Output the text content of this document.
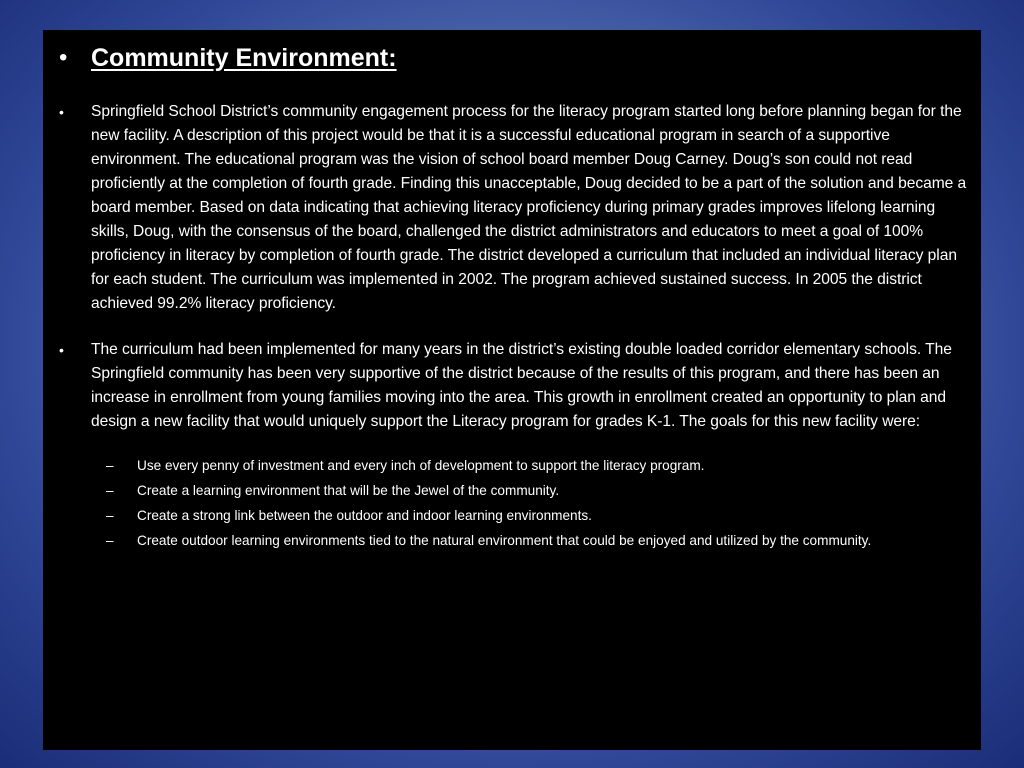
• Community Environment:
• Springfield School District’s community engagement process for the literacy program started long before planning began for the new facility. A description of this project would be that it is a successful educational program in search of a supportive environment. The educational program was the vision of school board member Doug Carney. Doug’s son could not read proficiently at the completion of fourth grade. Finding this unacceptable, Doug decided to be a part of the solution and became a board member. Based on data indicating that achieving literacy proficiency during primary grades improves lifelong learning skills, Doug, with the consensus of the board, challenged the district administrators and educators to meet a goal of 100% proficiency in literacy by completion of fourth grade. The district developed a curriculum that included an individual literacy plan for each student. The curriculum was implemented in 2002. The program achieved sustained success. In 2005 the district achieved 99.2% literacy proficiency.
• The curriculum had been implemented for many years in the district’s existing double loaded corridor elementary schools. The Springfield community has been very supportive of the district because of the results of this program, and there has been an increase in enrollment from young families moving into the area. This growth in enrollment created an opportunity to plan and design a new facility that would uniquely support the Literacy program for grades K-1. The goals for this new facility were:
– Use every penny of investment and every inch of development to support the literacy program.
– Create a learning environment that will be the Jewel of the community.
– Create a strong link between the outdoor and indoor learning environments.
– Create outdoor learning environments tied to the natural environment that could be enjoyed and utilized by the community.
